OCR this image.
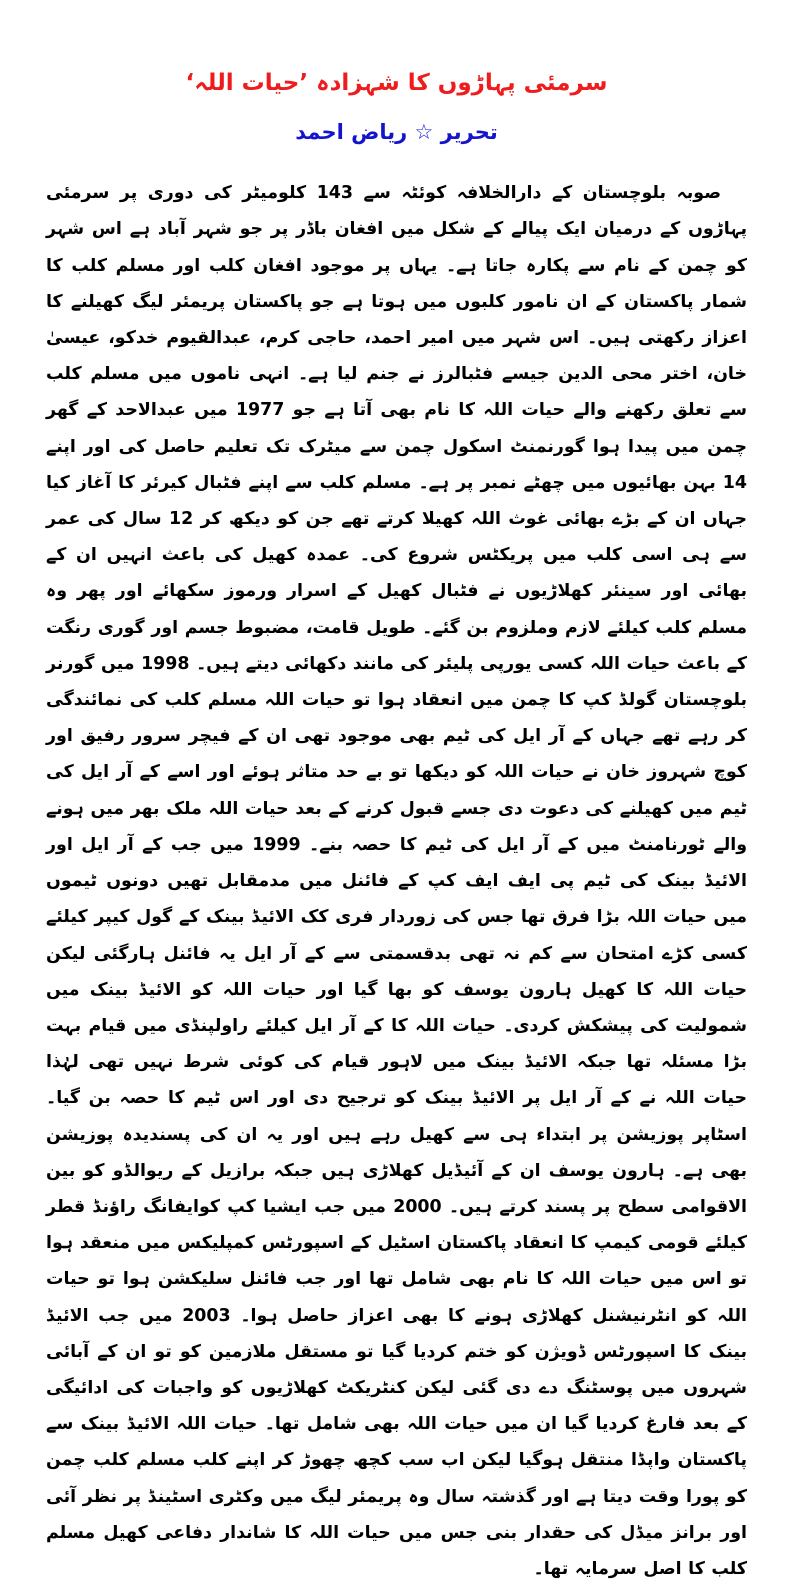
سرمئی پہاڑوں کا شہزادہ ’حیات اللہ‘
تحریر ☆ ریاض احمد

صوبہ بلوچستان کے دارالخلافہ کوئٹہ سے 143 کلومیٹر کی دوری پر سرمئی پہاڑوں کے درمیان ایک پیالے کے شکل میں افغان باڈر پر جو شہر آباد ہے اس شہر کو چمن کے نام سے پکارہ جاتا ہے۔ یہاں پر موجود افغان کلب اور مسلم کلب کا شمار پاکستان کے ان نامور کلبوں میں ہوتا ہے جو پاکستان پریمئر لیگ کھیلنے کا اعزاز رکھتی ہیں۔ اس شہر میں امیر احمد، حاجی کرم، عبدالقیوم خدکو، عیسیٰ خان، اختر محی الدین جیسے فٹبالرز نے جنم لیا ہے۔ انہی ناموں میں مسلم کلب سے تعلق رکھنے والے حیات اللہ کا نام بھی آتا ہے جو 1977 میں عبدالاحد کے گھر چمن میں پیدا ہوا گورنمنٹ اسکول چمن سے میٹرک تک تعلیم حاصل کی اور اپنے 14 بہن بھائیوں میں چھٹے نمبر پر ہے۔ مسلم کلب سے اپنے فٹبال کیرئر کا آغاز کیا جہاں ان کے بڑے بھائی غوث اللہ کھیلا کرتے تھے جن کو دیکھ کر 12 سال کی عمر سے ہی اسی کلب میں پریکٹس شروع کی۔ عمدہ کھیل کی باعث انہیں ان کے بھائی اور سینئر کھلاڑیوں نے فٹبال کھیل کے اسرار ورموز سکھائے اور پھر وہ مسلم کلب کیلئے لازم وملزوم بن گئے۔ طویل قامت، مضبوط جسم اور گوری رنگت کے باعث حیات اللہ کسی یورپی پلیئر کی مانند دکھائی دیتے ہیں۔ 1998 میں گورنر بلوچستان گولڈ کپ کا چمن میں انعقاد ہوا تو حیات اللہ مسلم کلب کی نمائندگی کر رہے تھے جہاں کے آر ایل کی ٹیم بھی موجود تھی ان کے فیچر سرور رفیق اور کوچ شہروز خان نے حیات اللہ کو دیکھا تو بے حد متاثر ہوئے اور اسے کے آر ایل کی ٹیم میں کھیلنے کی دعوت دی جسے قبول کرنے کے بعد حیات اللہ ملک بھر میں ہونے والے ٹورنامنٹ میں کے آر ایل کی ٹیم کا حصہ بنے۔ 1999 میں جب کے آر ایل اور الائیڈ بینک کی ٹیم پی ایف ایف کپ کے فائنل میں مدمقابل تھیں دونوں ٹیموں میں حیات اللہ بڑا فرق تھا جس کی زوردار فری کک الائیڈ بینک کے گول کیپر کیلئے کسی کڑے امتحان سے کم نہ تھی بدقسمتی سے کے آر ایل یہ فائنل ہارگئی لیکن حیات اللہ کا کھیل ہارون یوسف کو بھا گیا اور حیات اللہ کو الائیڈ بینک میں شمولیت کی پیشکش کردی۔ حیات اللہ کا کے آر ایل کیلئے راولپنڈی میں قیام بہت بڑا مسئلہ تھا جبکہ الائیڈ بینک میں لاہور قیام کی کوئی شرط نہیں تھی لہٰذا حیات اللہ نے کے آر ایل پر الائیڈ بینک کو ترجیح دی اور اس ٹیم کا حصہ بن گیا۔ اسٹاپر پوزیشن پر ابتداء ہی سے کھیل رہے ہیں اور یہ ان کی پسندیدہ پوزیشن بھی ہے۔ ہارون یوسف ان کے آئیڈیل کھلاڑی ہیں جبکہ برازیل کے ریوالڈو کو بین الاقوامی سطح پر پسند کرتے ہیں۔ 2000 میں جب ایشیا کپ کوایفانگ راؤنڈ قطر کیلئے قومی کیمپ کا انعقاد پاکستان اسٹیل کے اسپورٹس کمپلیکس میں منعقد ہوا تو اس میں حیات اللہ کا نام بھی شامل تھا اور جب فائنل سلیکشن ہوا تو حیات اللہ کو انٹرنیشنل کھلاڑی ہونے کا بھی اعزاز حاصل ہوا۔ 2003 میں جب الائیڈ بینک کا اسپورٹس ڈویژن کو ختم کردیا گیا تو مستقل ملازمین کو تو ان کے آبائی شہروں میں پوسٹنگ دے دی گئی لیکن کنٹریکٹ کھلاڑیوں کو واجبات کی ادائیگی کے بعد فارغ کردیا گیا ان میں حیات اللہ بھی شامل تھا۔ حیات اللہ الائیڈ بینک سے پاکستان واپڈا منتقل ہوگیا لیکن اب سب کچھ چھوڑ کر اپنے کلب مسلم کلب چمن کو پورا وقت دیتا ہے اور گذشتہ سال وہ پریمئر لیگ میں وکٹری اسٹینڈ پر نظر آئی اور برانز میڈل کی حقدار بنی جس میں حیات اللہ کا شاندار دفاعی کھیل مسلم کلب کا اصل سرمایہ تھا۔
